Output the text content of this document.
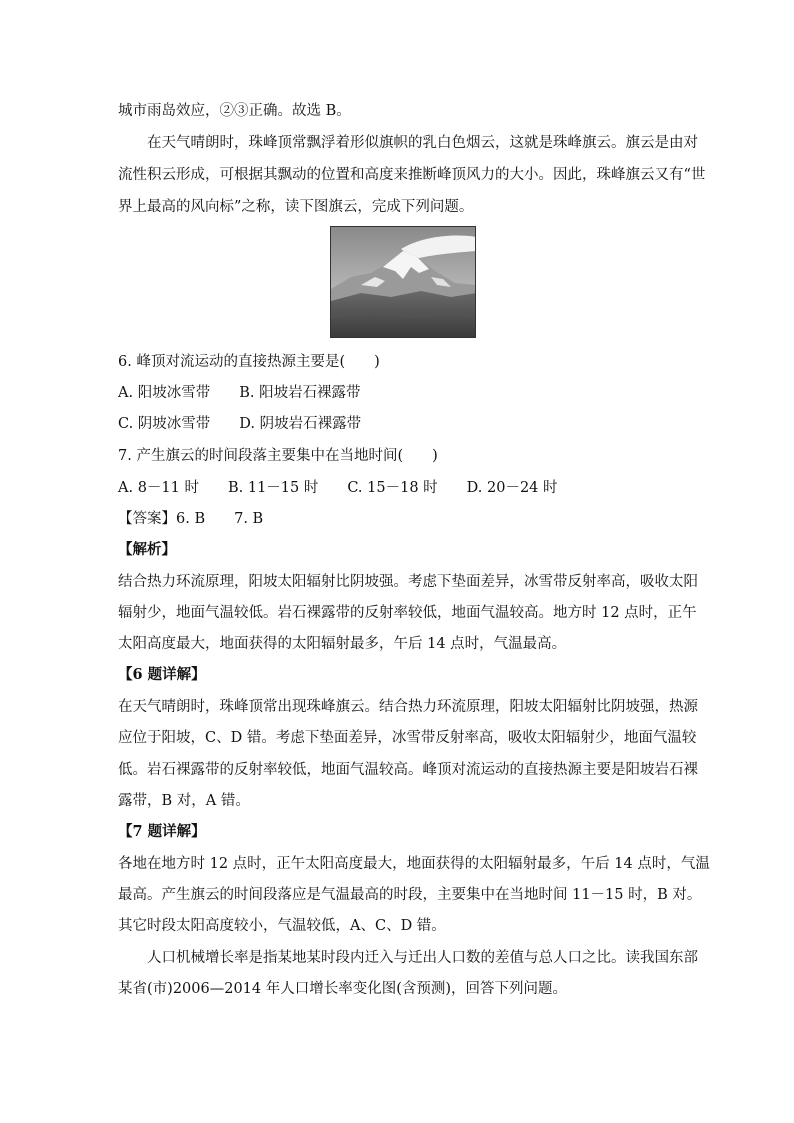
城市雨岛效应，②③正确。故选 B。
在天气晴朗时，珠峰顶常飘浮着形似旗帜的乳白色烟云，这就是珠峰旗云。旗云是由对
流性积云形成，可根据其飘动的位置和高度来推断峰顶风力的大小。因此，珠峰旗云又有“世
界上最高的风向标”之称，读下图旗云，完成下列问题。
6. 峰顶对流运动的直接热源主要是(　　)
A. 阳坡冰雪带　　B. 阳坡岩石裸露带
C. 阴坡冰雪带　　D. 阴坡岩石裸露带
7. 产生旗云的时间段落主要集中在当地时间(　　)
A. 8－11 时　　B. 11－15 时　　C. 15－18 时　　D. 20－24 时
【答案】6. B　　7. B
【解析】
结合热力环流原理，阳坡太阳辐射比阴坡强。考虑下垫面差异，冰雪带反射率高，吸收太阳
辐射少，地面气温较低。岩石裸露带的反射率较低，地面气温较高。地方时 12 点时，正午
太阳高度最大，地面获得的太阳辐射最多，午后 14 点时，气温最高。
【6 题详解】
在天气晴朗时，珠峰顶常出现珠峰旗云。结合热力环流原理，阳坡太阳辐射比阴坡强，热源
应位于阳坡，C、D 错。考虑下垫面差异，冰雪带反射率高，吸收太阳辐射少，地面气温较
低。岩石裸露带的反射率较低，地面气温较高。峰顶对流运动的直接热源主要是阳坡岩石裸
露带，B 对，A 错。
【7 题详解】
各地在地方时 12 点时，正午太阳高度最大，地面获得的太阳辐射最多，午后 14 点时，气温
最高。产生旗云的时间段落应是气温最高的时段，主要集中在当地时间 11－15 时，B 对。
其它时段太阳高度较小，气温较低，A、C、D 错。
人口机械增长率是指某地某时段内迁入与迁出人口数的差值与总人口之比。读我国东部
某省(市)2006—2014 年人口增长率变化图(含预测)，回答下列问题。
